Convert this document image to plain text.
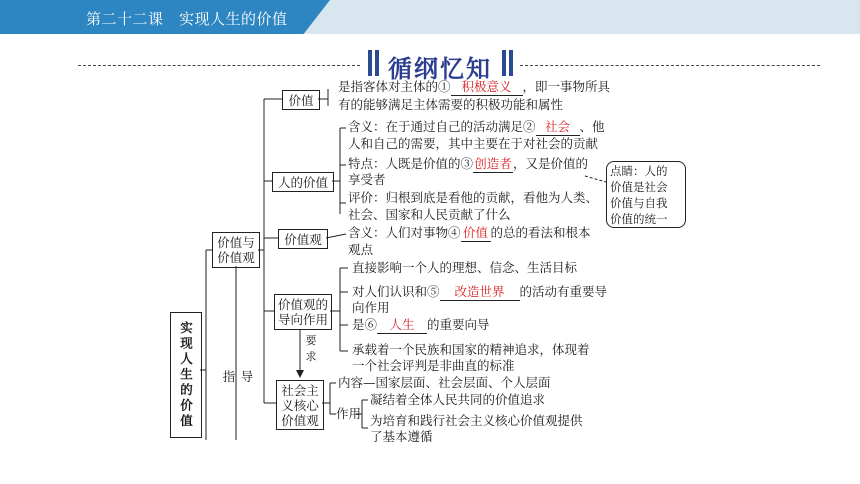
第二十二课　实现人生的价值
循纲忆知
实现人生的价值 指 导
价值与价值观
价值
是指客体对主体的① 积极意义 ，即一事物所具
有的能够满足主体需要的积极功能和属性
人的价值
含义：在于通过自己的活动满足② 社会 、他
人和自己的需要，其中主要在于对社会的贡献
特点：人既是价值的③创造者，又是价值的
享受者
评价：归根到底是看他的贡献，看他为人类、
社会、国家和人民贡献了什么
点睛：人的
价值是社会
价值与自我
价值的统一
价值观	含义：人们对事物④ 价值 的总的看法和根本
观点
价值观的导向作用
直接影响一个人的理想、信念、生活目标
对人们认识和⑤ 改造世界 的活动有重要导
向作用
是⑥ 人生 的重要向导
承载着一个民族和国家的精神追求，体现着
一个社会评判是非曲直的标准
要
求
社会主义核心价值观
内容—国家层面、社会层面、个人层面
作用
凝结着全体人民共同的价值追求
为培育和践行社会主义核心价值观提供
了基本遵循
